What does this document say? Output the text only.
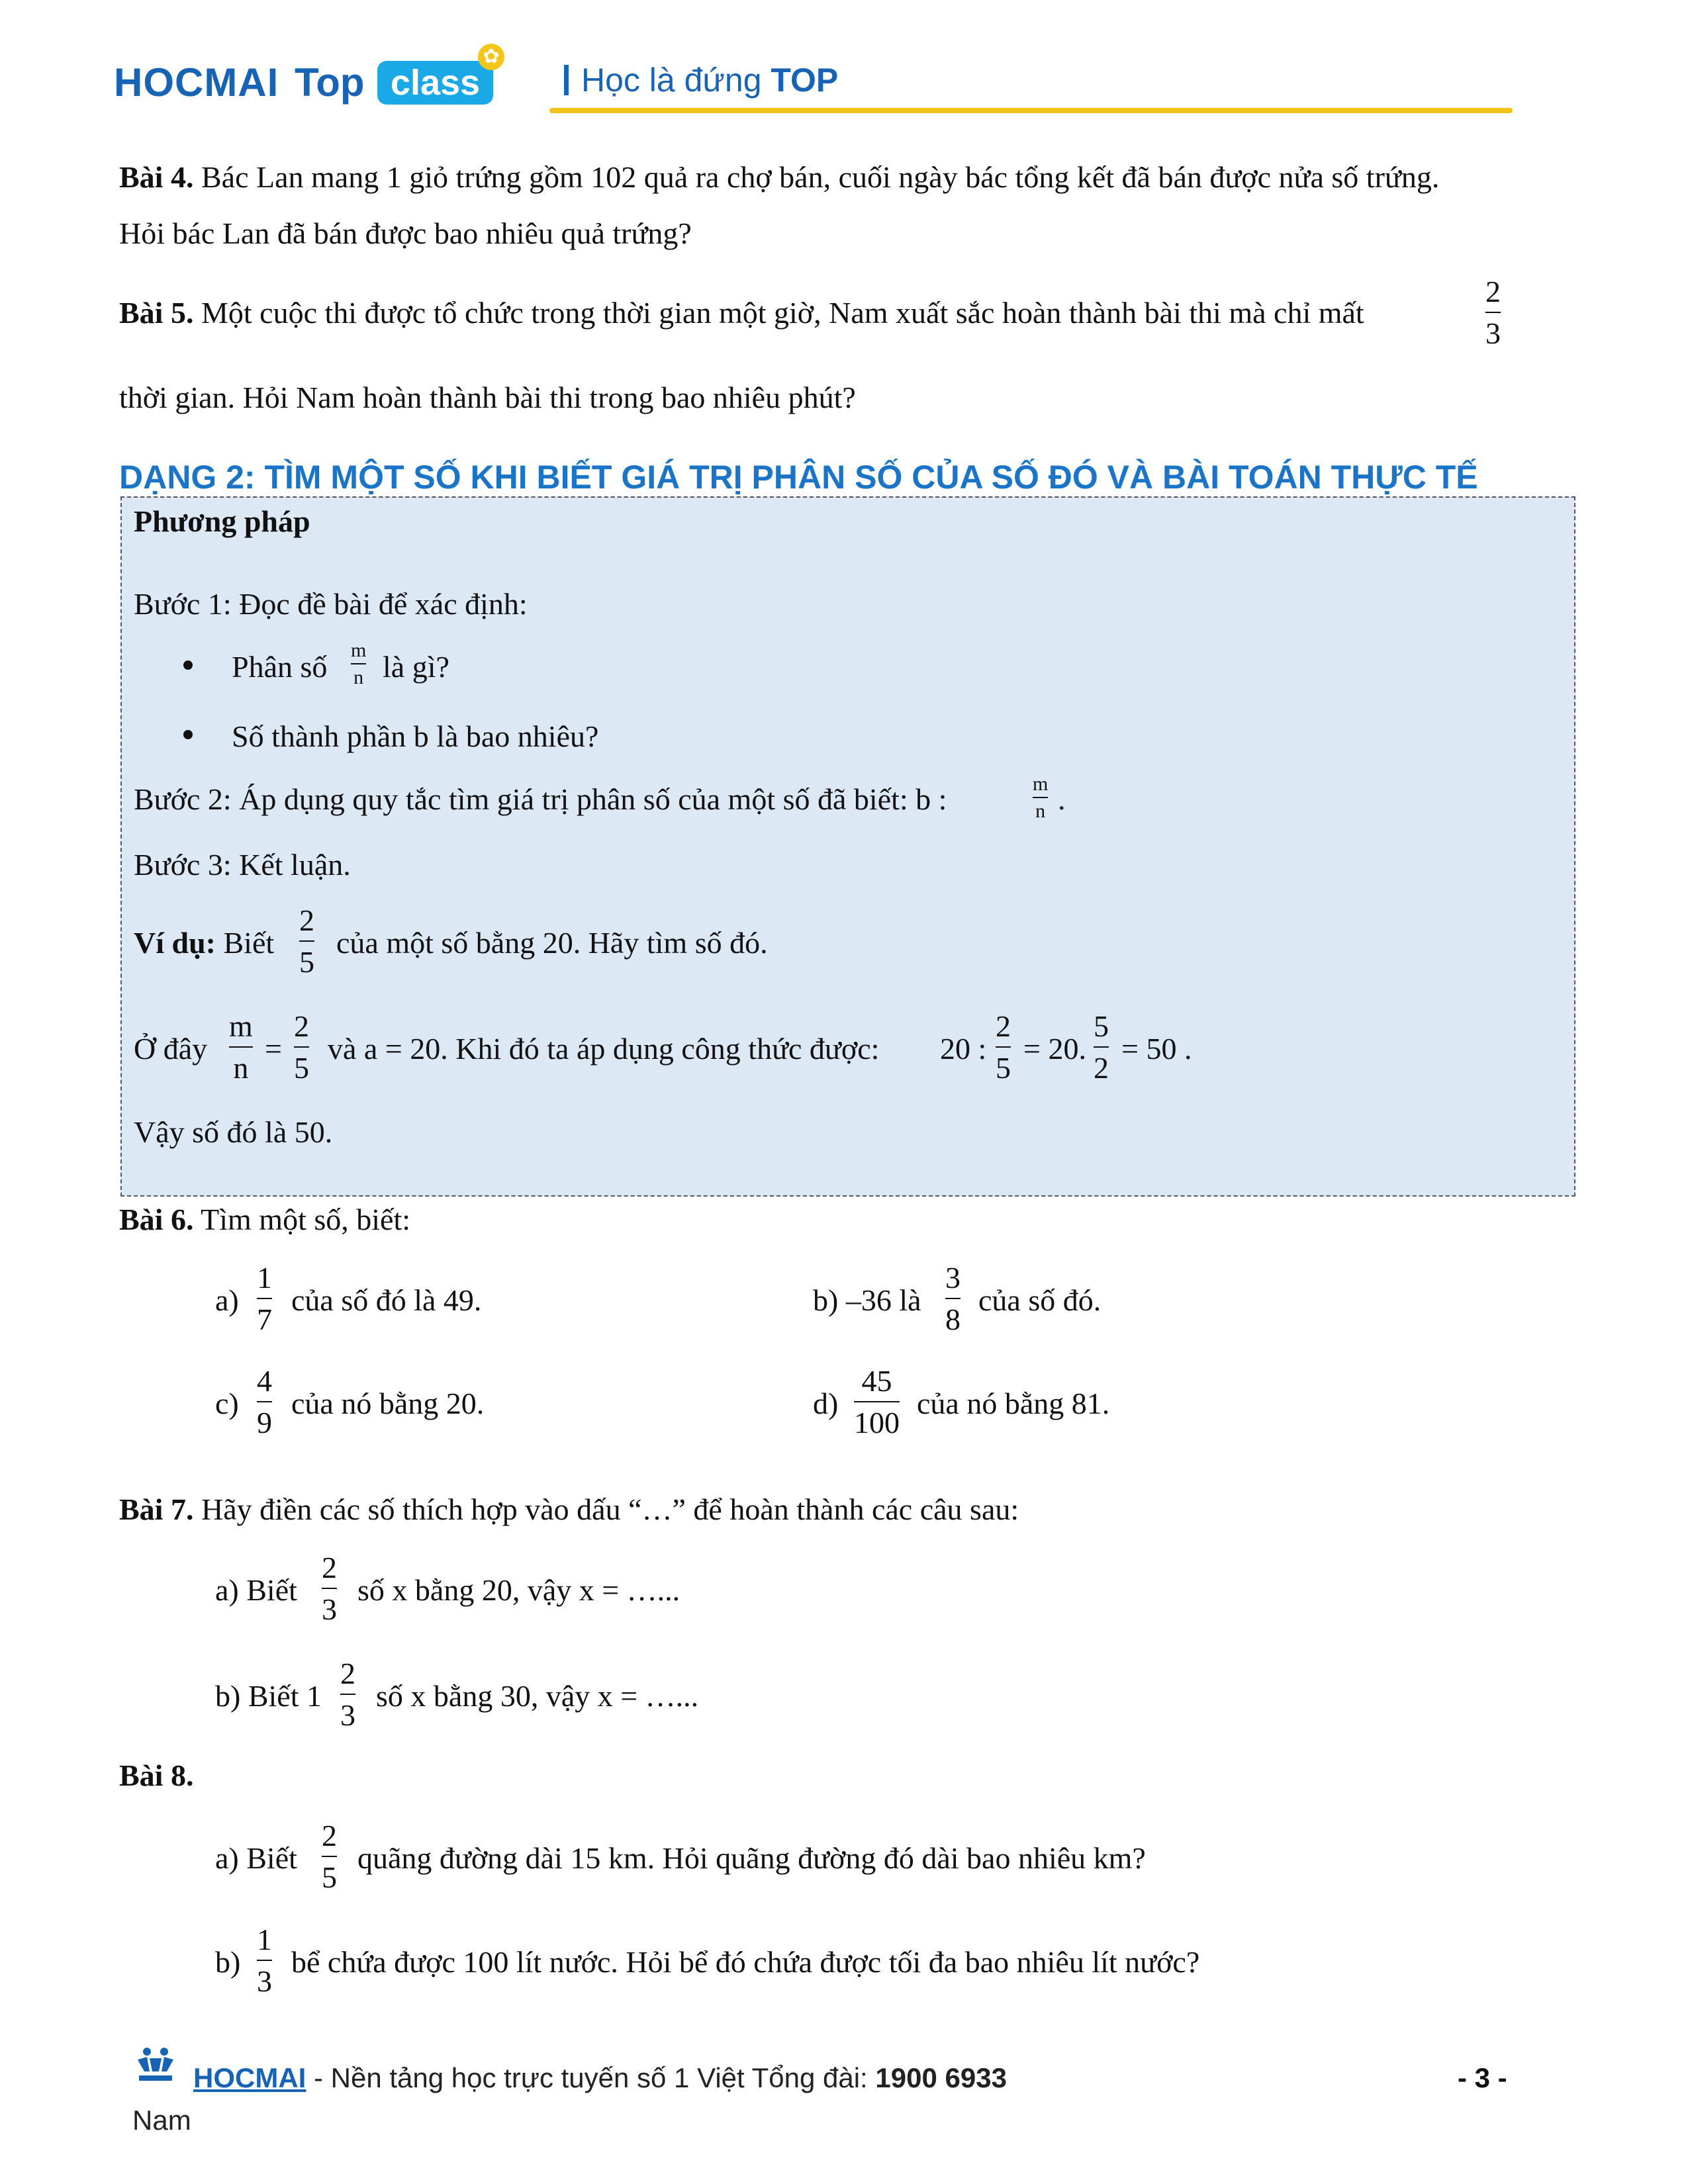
HOCMAI Top class
✿
Học là đứng TOP
Bài 4. Bác Lan mang 1 giỏ trứng gồm 102 quả ra chợ bán, cuối ngày bác tổng kết đã bán được nửa số trứng.
Hỏi bác Lan đã bán được bao nhiêu quả trứng?
Bài 5. Một cuộc thi được tổ chức trong thời gian một giờ, Nam xuất sắc hoàn thành bài thi mà chỉ mất
2
3
thời gian. Hỏi Nam hoàn thành bài thi trong bao nhiêu phút?
DẠNG 2: TÌM MỘT SỐ KHI BIẾT GIÁ TRỊ PHÂN SỐ CỦA SỐ ĐÓ VÀ BÀI TOÁN THỰC TẾ
Phương pháp
Bước 1: Đọc đề bài để xác định:
Phân số m
n là gì?
Số thành phần b là bao nhiêu?
Bước 2: Áp dụng quy tắc tìm giá trị phân số của một số đã biết: b :	m
n .
Bước 3: Kết luận.
Ví dụ: Biết
2
5
của một số bằng 20. Hãy tìm số đó.
Ở đây
m
n
=
2
5
và a = 20. Khi đó ta áp dụng công thức được: 20 :
2
5
= 20.
5
2
= 50 .
Vậy số đó là 50.
Bài 6. Tìm một số, biết:
a)
1
7
của số đó là 49.	b) –36 là
3
8
của số đó.
c)
4
9
của nó bằng 20.	d)
45
100
của nó bằng 81.
Bài 7. Hãy điền các số thích hợp vào dấu “…” để hoàn thành các câu sau:
a) Biết
2
3
số x bằng 20, vậy x = …...
b) Biết 1
2
3
số x bằng 30, vậy x = …...
Bài 8.
a) Biết
2
5
quãng đường dài 15 km. Hỏi quãng đường đó dài bao nhiêu km?
b)
1
3
bể chứa được 100 lít nước. Hỏi bể đó chứa được tối đa bao nhiêu lít nước?
HOCMAI - Nền tảng học trực tuyến số 1 Việt Tổng đài: 1900 6933	- 3 -
Nam
